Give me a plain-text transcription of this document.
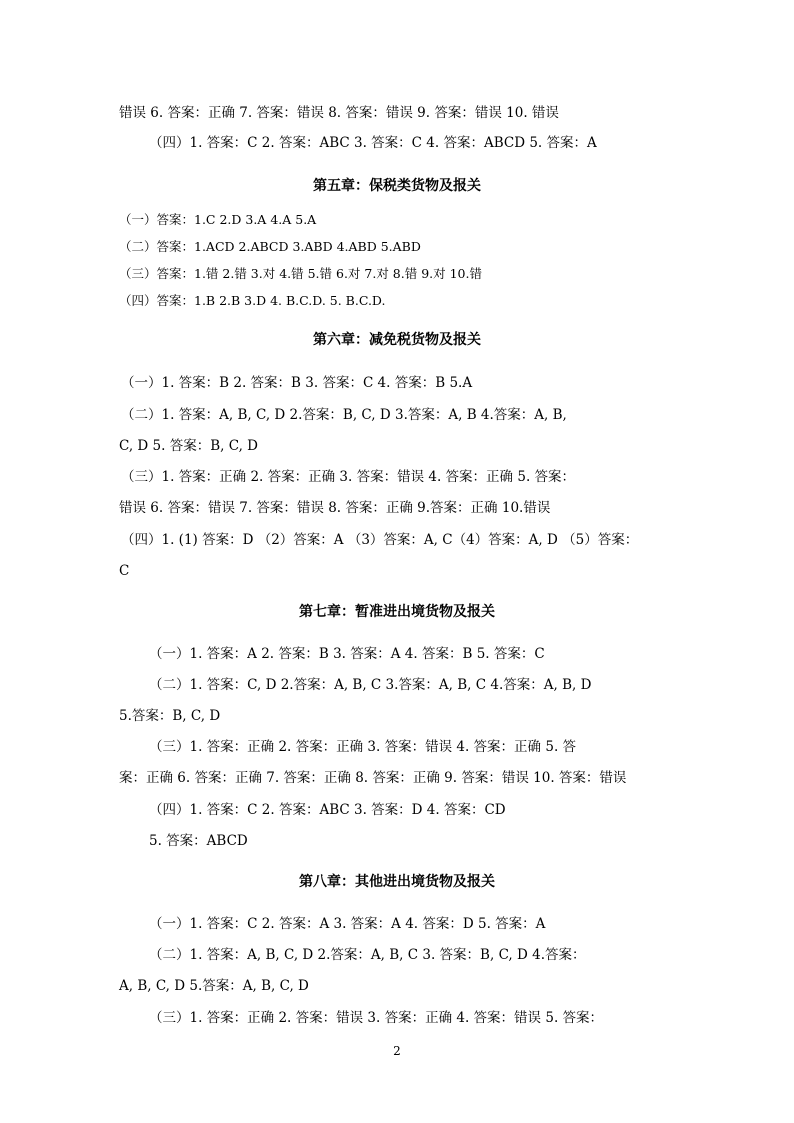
错误 6. 答案：正确 7. 答案：错误 8. 答案：错误 9. 答案：错误 10. 错误
（四）1. 答案：C 2. 答案：ABC 3. 答案：C 4. 答案：ABCD 5. 答案：A
第五章：保税类货物及报关
（一）答案：1.C 2.D 3.A 4.A 5.A
（二）答案：1.ACD 2.ABCD 3.ABD 4.ABD 5.ABD
（三）答案：1.错 2.错 3.对 4.错 5.错 6.对 7.对 8.错 9.对 10.错
（四）答案：1.B 2.B 3.D 4. B.C.D. 5. B.C.D.
第六章：减免税货物及报关
（一）1. 答案：B 2. 答案：B 3. 答案：C 4. 答案：B 5.A
（二）1. 答案：A, B, C, D 2.答案：B, C, D 3.答案：A, B 4.答案：A, B,
C, D 5. 答案：B, C, D
（三）1. 答案：正确 2. 答案：正确 3. 答案：错误 4. 答案：正确 5. 答案：
错误 6. 答案：错误 7. 答案：错误 8. 答案：正确 9.答案：正确 10.错误
（四）1. (1) 答案：D （2）答案：A （3）答案：A, C（4）答案：A, D （5）答案：
C
第七章：暂准进出境货物及报关
（一）1. 答案：A 2. 答案：B 3. 答案：A 4. 答案：B 5. 答案：C
（二）1. 答案：C, D 2.答案：A, B, C 3.答案：A, B, C 4.答案：A, B, D
5.答案：B, C, D
（三）1. 答案：正确 2. 答案：正确 3. 答案：错误 4. 答案：正确 5. 答
案：正确 6. 答案：正确 7. 答案：正确 8. 答案：正确 9. 答案：错误 10. 答案：错误
（四）1. 答案：C 2. 答案：ABC 3. 答案：D 4. 答案：CD
5. 答案：ABCD
第八章：其他进出境货物及报关
（一）1. 答案：C 2. 答案：A 3. 答案：A 4. 答案：D 5. 答案：A
（二）1. 答案：A, B, C, D 2.答案：A, B, C 3. 答案：B, C, D 4.答案：
A, B, C, D 5.答案：A, B, C, D
（三）1. 答案：正确 2. 答案：错误 3. 答案：正确 4. 答案：错误 5. 答案：
2
